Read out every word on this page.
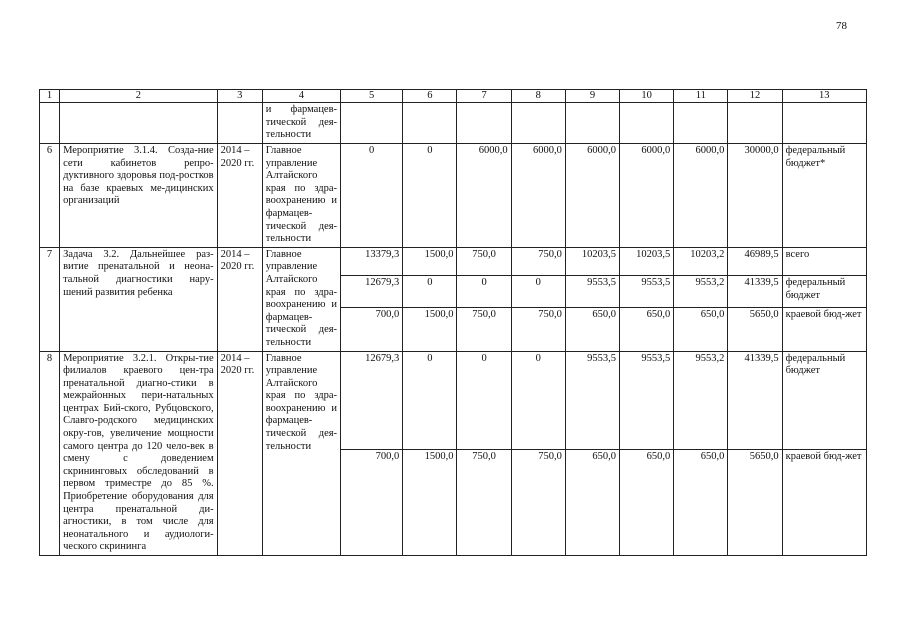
78
1	2	3	4	5	6	7	8	9	10	11	12	13
			и фармацев-тической дея-тельности									
6	Мероприятие 3.1.4. Созда-ние сети кабинетов репро-дуктивного здоровья под-ростков на базе краевых ме-дицинских организаций	2014 – 2020 гг.	Главное управление Алтайского края по здра-воохранению и фармацев-тической дея-тельности	0	0	6000,0	6000,0	6000,0	6000,0	6000,0	30000,0	федеральный бюджет*
7	Задача 3.2. Дальнейшее раз-витие пренатальной и неона-тальной диагностики нару-шений развития ребенка	2014 – 2020 гг.	Главное управление Алтайского края по здра-воохранению и фармацев-тической дея-тельности	13379,3	1500,0	750,0	750,0	10203,5	10203,5	10203,2	46989,5	всего
				12679,3	0	0	0	9553,5	9553,5	9553,2	41339,5	федеральный бюджет
				700,0	1500,0	750,0	750,0	650,0	650,0	650,0	5650,0	краевой бюд-жет
8	Мероприятие 3.2.1. Откры-тие филиалов краевого цен-тра пренатальной диагно-стики в межрайонных пери-натальных центрах Бий-ского, Рубцовского, Славго-родского медицинских окру-гов, увеличение мощности самого центра до 120 чело-век в смену с доведением скрининговых обследований в первом триместре до 85 %. Приобретение оборудования для центра пренатальной ди-агностики, в том числе для неонатального и аудиологи-ческого скрининга	2014 – 2020 гг.	Главное управление Алтайского края по здра-воохранению и фармацев-тической дея-тельности	12679,3	0	0	0	9553,5	9553,5	9553,2	41339,5	федеральный бюджет
				700,0	1500,0	750,0	750,0	650,0	650,0	650,0	5650,0	краевой бюд-жет
